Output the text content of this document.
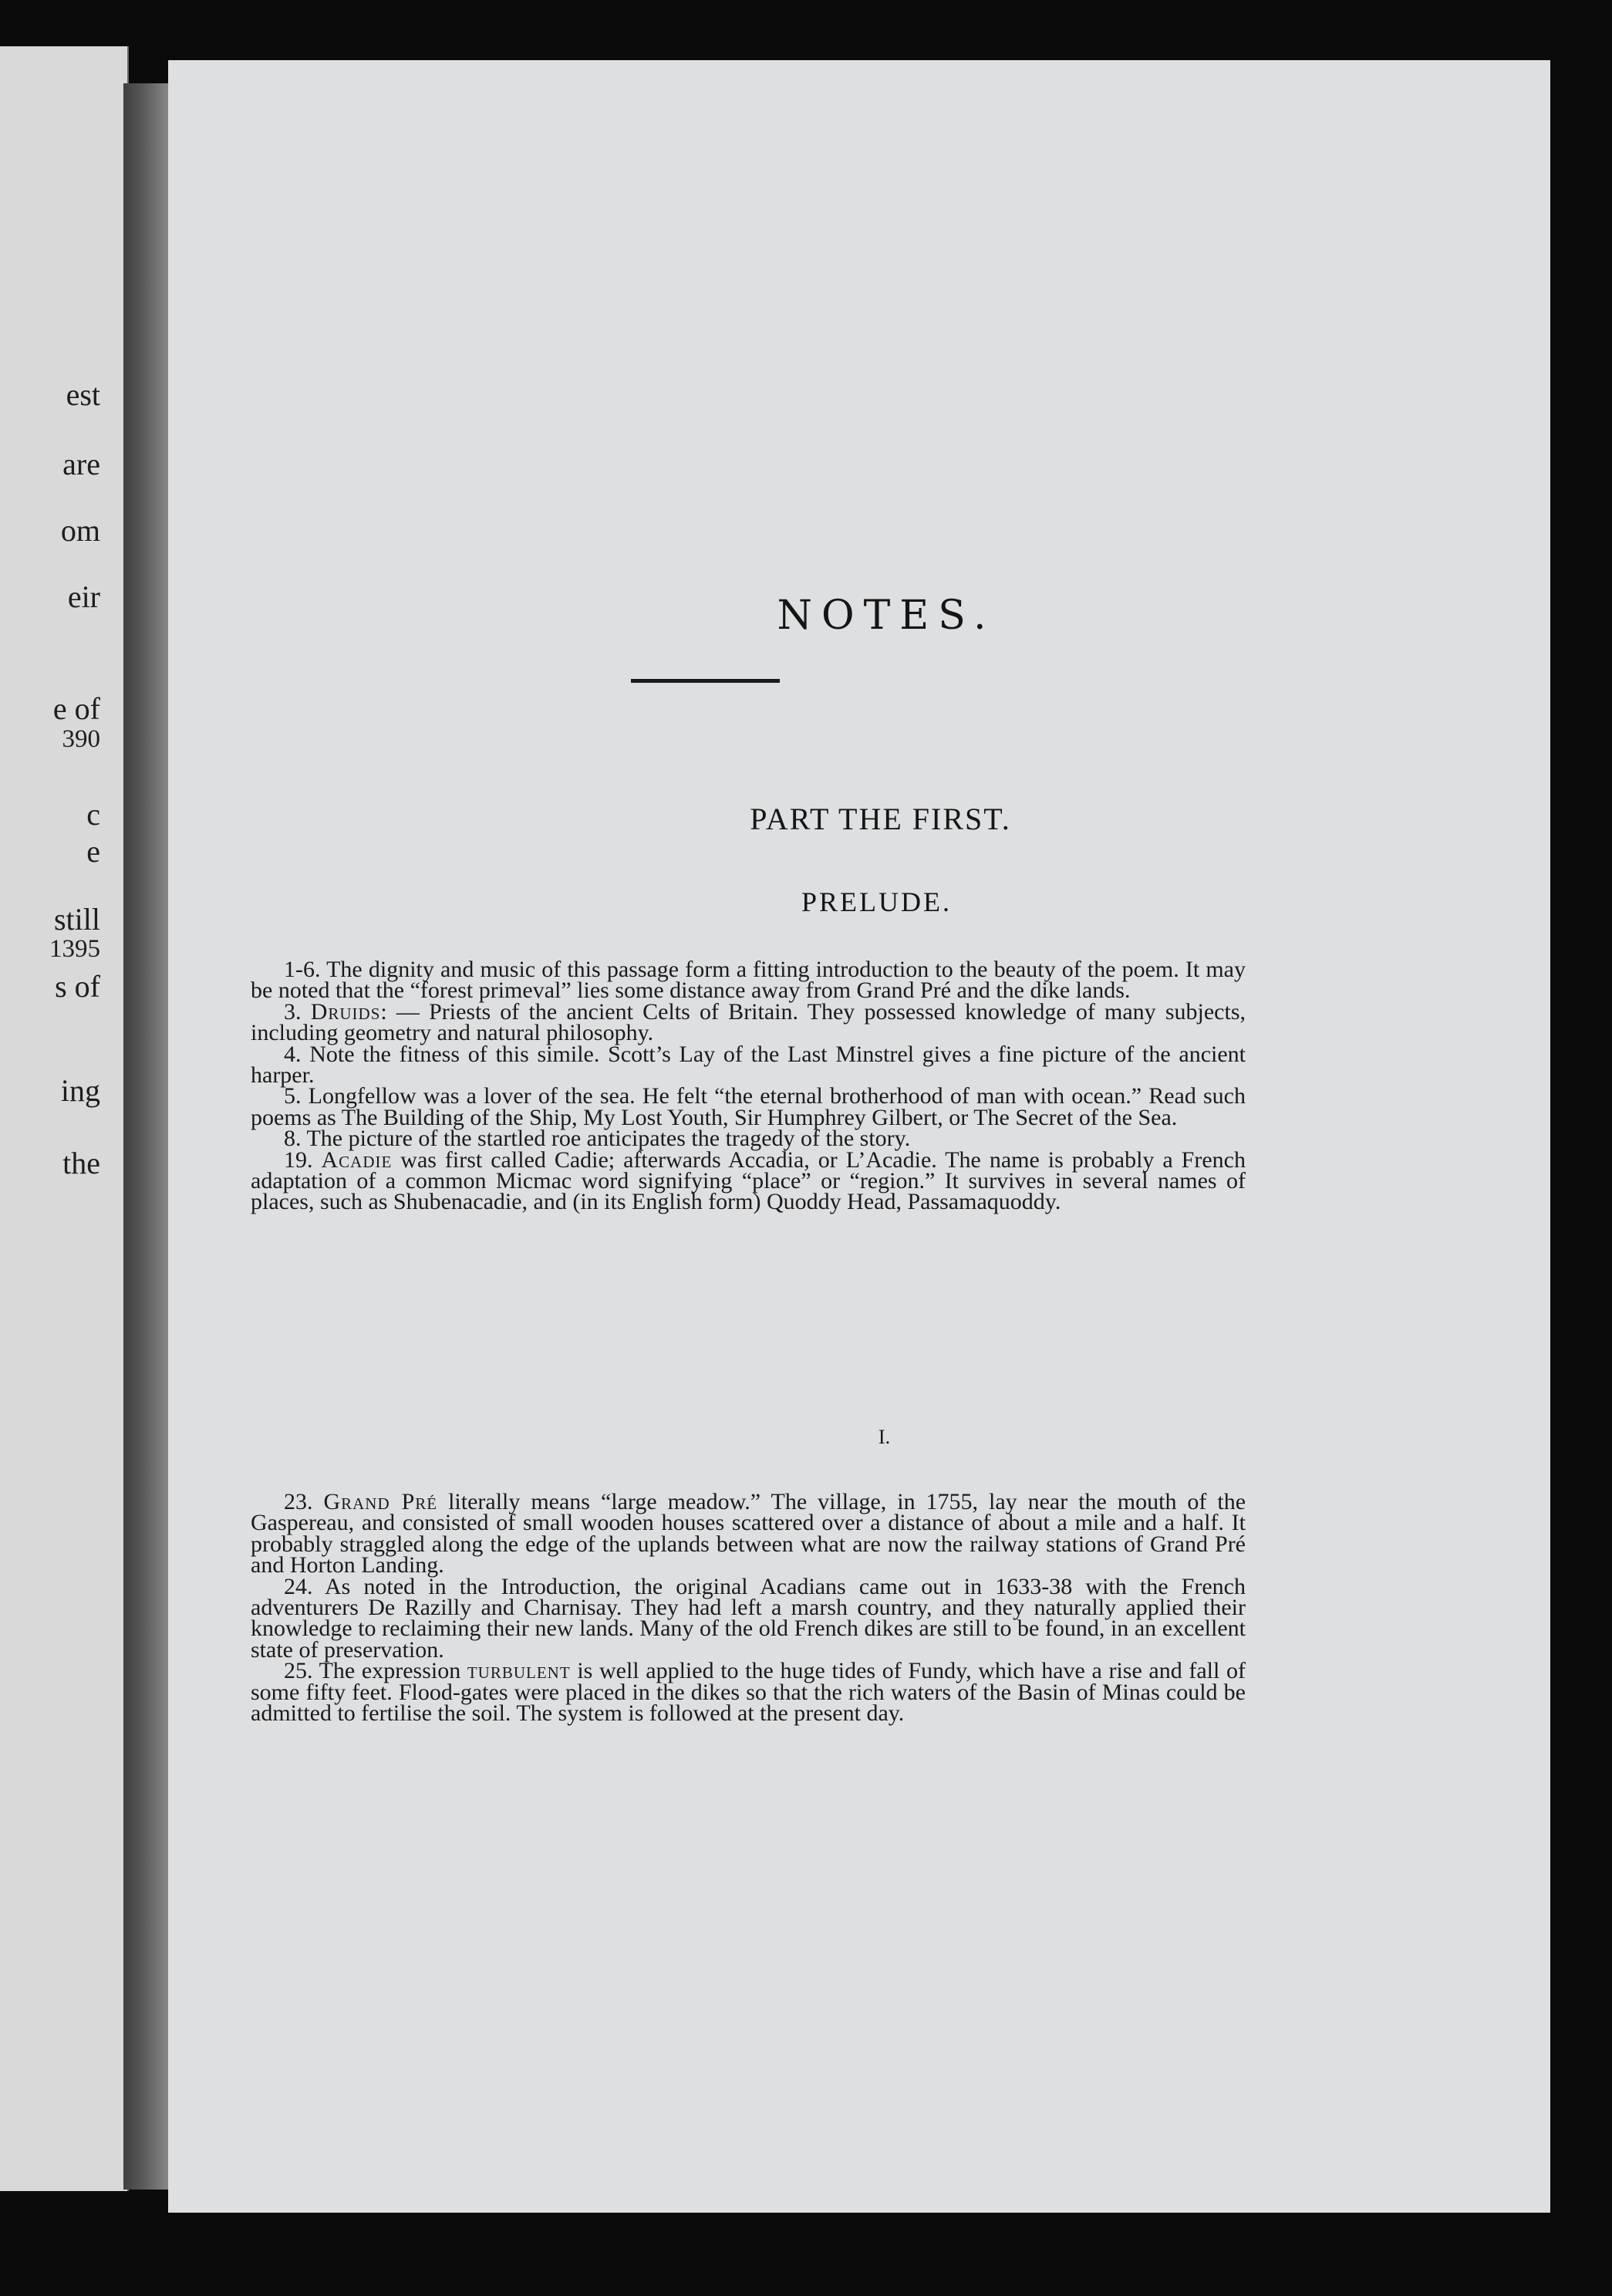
est
are
om
eir
e of
390
c
e
still
1395
s of
ing
the
NOTES.
PART THE FIRST.
PRELUDE.

1-6. The dignity and music of this passage form a fitting introduction to the beauty of the poem. It may be noted that the “forest primeval” lies some distance away from Grand Pré and the dike lands.

3. Druids: — Priests of the ancient Celts of Britain. They possessed knowledge of many subjects, including geometry and natural philosophy.

4. Note the fitness of this simile. Scott’s Lay of the Last Minstrel gives a fine picture of the ancient harper.

5. Longfellow was a lover of the sea. He felt “the eternal brotherhood of man with ocean.” Read such poems as The Building of the Ship, My Lost Youth, Sir Humphrey Gilbert, or The Secret of the Sea.

8. The picture of the startled roe anticipates the tragedy of the story.

19. Acadie was first called Cadie; afterwards Accadia, or L’Acadie. The name is probably a French adaptation of a common Micmac word signifying “place” or “region.” It survives in several names of places, such as Shubenacadie, and (in its English form) Quoddy Head, Passamaquoddy.

I.

23. Grand Pré literally means “large meadow.” The village, in 1755, lay near the mouth of the Gaspereau, and consisted of small wooden houses scattered over a distance of about a mile and a half. It probably straggled along the edge of the uplands between what are now the railway stations of Grand Pré and Horton Landing.

24. As noted in the Introduction, the original Acadians came out in 1633-38 with the French adventurers De Razilly and Charnisay. They had left a marsh country, and they naturally applied their knowledge to reclaiming their new lands. Many of the old French dikes are still to be found, in an excellent state of preservation.

25. The expression turbulent is well applied to the huge tides of Fundy, which have a rise and fall of some fifty feet. Flood-gates were placed in the dikes so that the rich waters of the Basin of Minas could be admitted to fertilise the soil. The system is followed at the present day.
